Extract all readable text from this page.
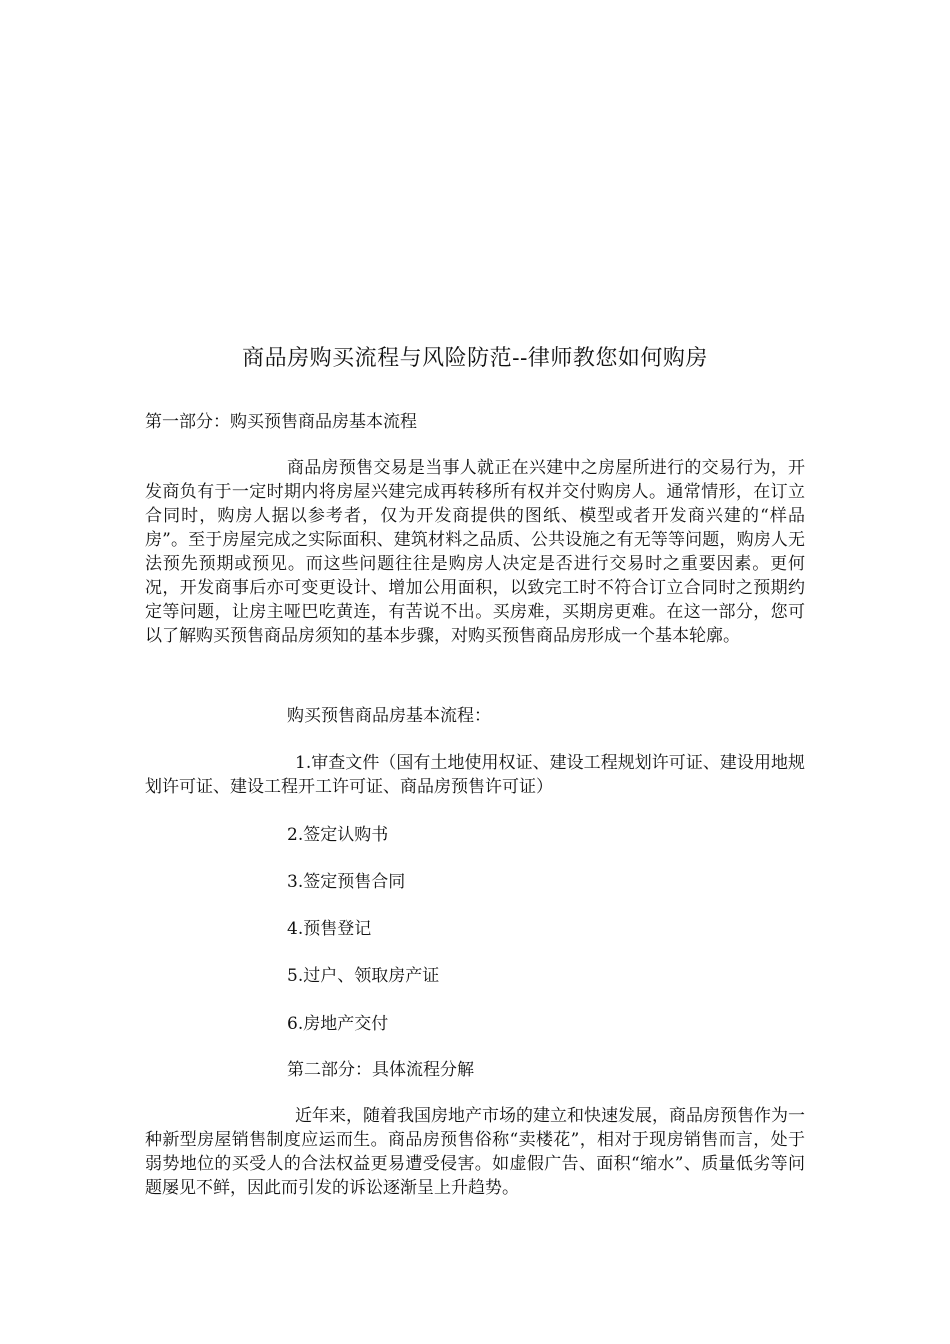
商品房购买流程与风险防范--律师教您如何购房
第一部分：购买预售商品房基本流程

商品房预售交易是当事人就正在兴建中之房屋所进行的交易行为，开发商负有于一定时期内将房屋兴建完成再转移所有权并交付购房人。通常情形，在订立合同时，购房人据以参考者，仅为开发商提供的图纸、模型或者开发商兴建的“样品房”。至于房屋完成之实际面积、建筑材料之品质、公共设施之有无等等问题，购房人无法预先预期或预见。而这些问题往往是购房人决定是否进行交易时之重要因素。更何况，开发商事后亦可变更设计、增加公用面积，以致完工时不符合订立合同时之预期约定等问题，让房主哑巴吃黄连，有苦说不出。买房难，买期房更难。在这一部分，您可以了解购买预售商品房须知的基本步骤，对购买预售商品房形成一个基本轮廓。

购买预售商品房基本流程：

1.审查文件（国有土地使用权证、建设工程规划许可证、建设用地规划许可证、建设工程开工许可证、商品房预售许可证）

2.签定认购书

3.签定预售合同

4.预售登记

5.过户、领取房产证

6.房地产交付

第二部分：具体流程分解

近年来，随着我国房地产市场的建立和快速发展，商品房预售作为一种新型房屋销售制度应运而生。商品房预售俗称“卖楼花”，相对于现房销售而言，处于弱势地位的买受人的合法权益更易遭受侵害。如虚假广告、面积“缩水”、质量低劣等问题屡见不鲜，因此而引发的诉讼逐渐呈上升趋势。
